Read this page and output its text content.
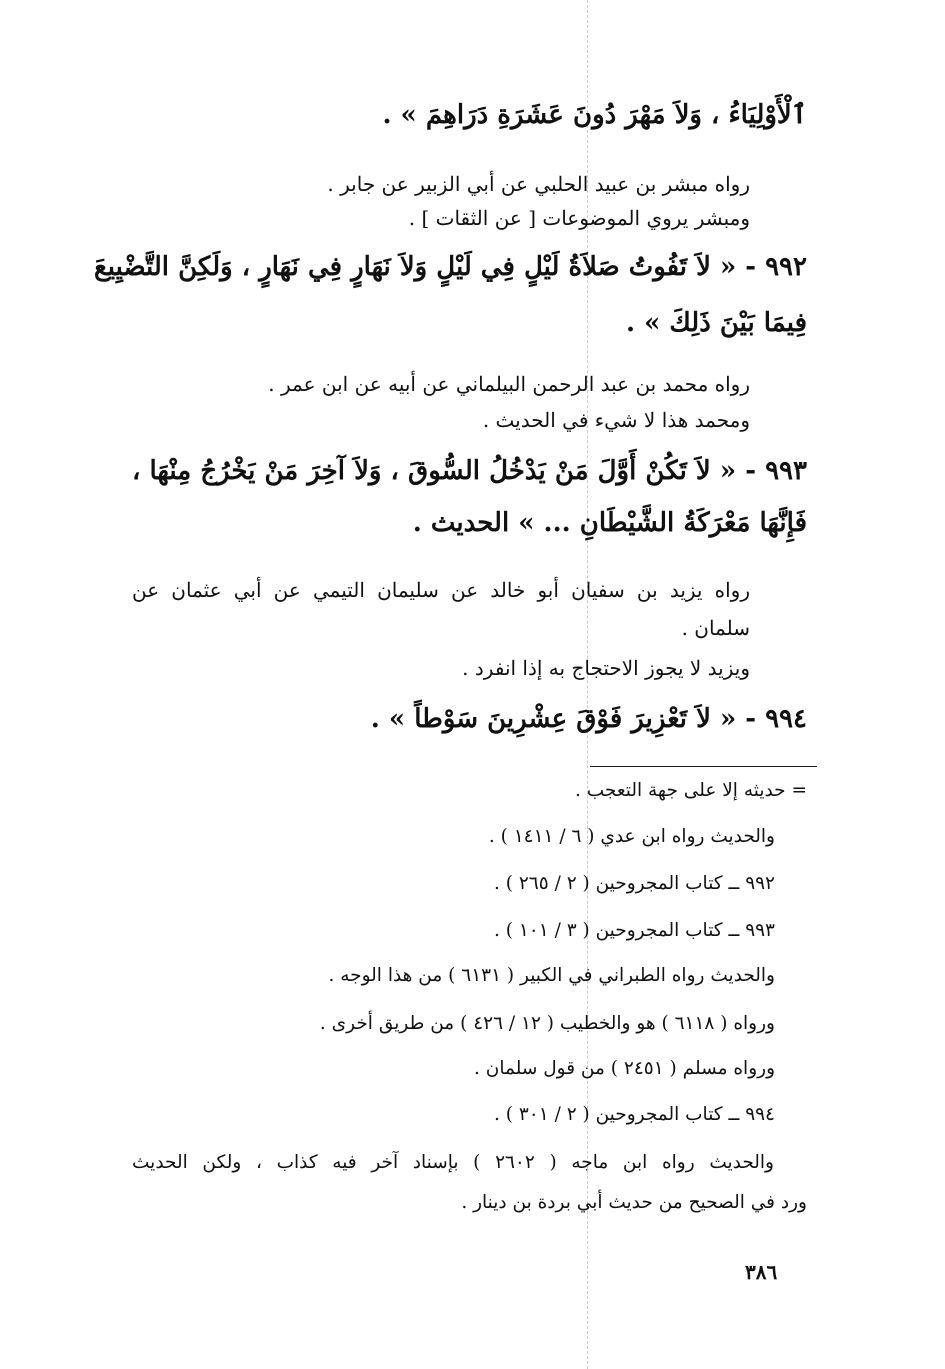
ٱلْأَوْلِيَاءُ ، وَلاَ مَهْرَ دُونَ عَشَرَةِ دَرَاهِمَ » .
رواه مبشر بن عبيد الحلبي عن أبي الزبير عن جابر .
ومبشر يروي الموضوعات [ عن الثقات ] .
٩٩٢ - « لاَ تَفُوتُ صَلاَةُ لَيْلٍ فِي لَيْلٍ وَلاَ نَهَارٍ فِي نَهَارٍ ، وَلَكِنَّ التَّضْيِيعَ
فِيمَا بَيْنَ ذَلِكَ » .
رواه محمد بن عبد الرحمن البيلماني عن أبيه عن ابن عمر .
ومحمد هذا لا شيء في الحديث .
٩٩٣ - « لاَ تَكُنْ أَوَّلَ مَنْ يَدْخُلُ السُّوقَ ، وَلاَ آخِرَ مَنْ يَخْرُجُ مِنْهَا ،
فَإِنَّهَا مَعْرَكَةُ الشَّيْطَانِ ... » الحديث .
رواه يزيد بن سفيان أبو خالد عن سليمان التيمي عن أبي عثمان عن
سلمان .
ويزيد لا يجوز الاحتجاج به إذا انفرد .
٩٩٤ - « لاَ تَعْزِيرَ فَوْقَ عِشْرِينَ سَوْطاً » .
= حديثه إلا على جهة التعجب .
والحديث رواه ابن عدي ( ٦ / ١٤١١ ) .
٩٩٢ ــ كتاب المجروحين ( ٢ / ٢٦٥ ) .
٩٩٣ ــ كتاب المجروحين ( ٣ / ١٠١ ) .
والحديث رواه الطبراني في الكبير ( ٦١٣١ ) من هذا الوجه .
ورواه ( ٦١١٨ ) هو والخطيب ( ١٢ / ٤٢٦ ) من طريق أخرى .
ورواه مسلم ( ٢٤٥١ ) من قول سلمان .
٩٩٤ ــ كتاب المجروحين ( ٢ / ٣٠١ ) .
والحديث رواه ابن ماجه ( ٢٦٠٢ ) بإسناد آخر فيه كذاب ، ولكن الحديث
ورد في الصحيح من حديث أبي بردة بن دينار .
٣٨٦
